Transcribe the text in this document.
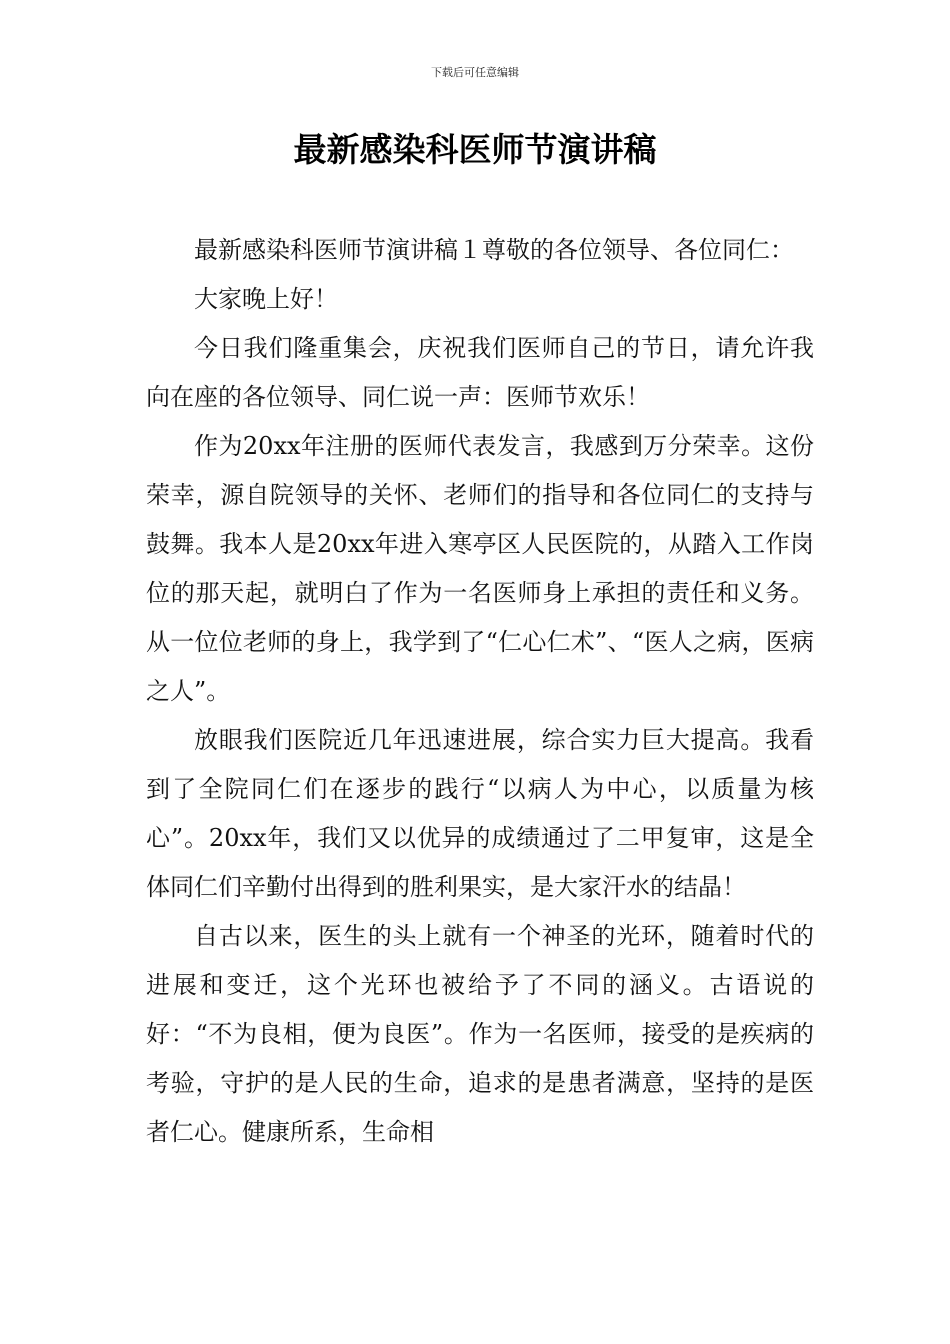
下载后可任意编辑
最新感染科医师节演讲稿

最新感染科医师节演讲稿１尊敬的各位领导、各位同仁：

大家晚上好！

今日我们隆重集会，庆祝我们医师自己的节日，请允许我向在座的各位领导、同仁说一声：医师节欢乐！

作为20xx年注册的医师代表发言，我感到万分荣幸。这份荣幸，源自院领导的关怀、老师们的指导和各位同仁的支持与鼓舞。我本人是20xx年进入寒亭区人民医院的，从踏入工作岗位的那天起，就明白了作为一名医师身上承担的责任和义务。从一位位老师的身上，我学到了“仁心仁术”、“医人之病，医病之人”。

放眼我们医院近几年迅速进展，综合实力巨大提高。我看到了全院同仁们在逐步的践行“以病人为中心，以质量为核心”。20xx年，我们又以优异的成绩通过了二甲复审，这是全体同仁们辛勤付出得到的胜利果实，是大家汗水的结晶！

自古以来，医生的头上就有一个神圣的光环，随着时代的进展和变迁，这个光环也被给予了不同的涵义。古语说的好：“不为良相，便为良医”。作为一名医师，接受的是疾病的考验，守护的是人民的生命，追求的是患者满意，坚持的是医者仁心。健康所系，生命相
